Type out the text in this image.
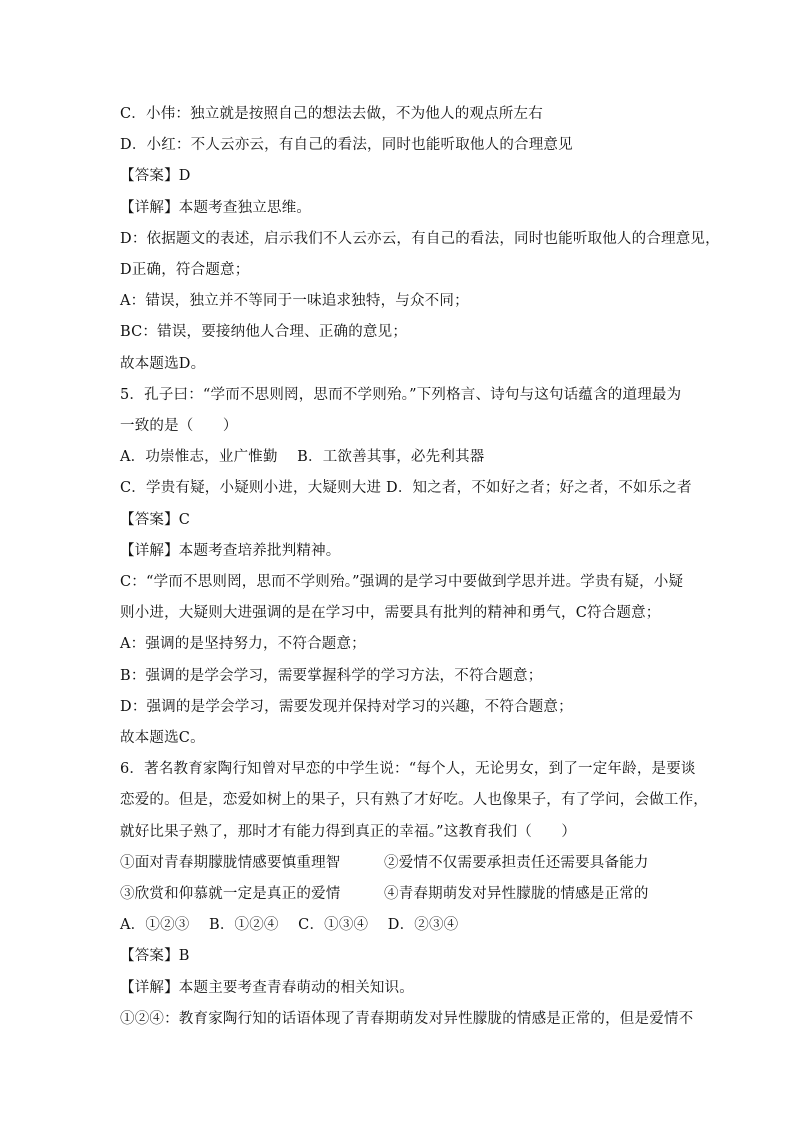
C．小伟：独立就是按照自己的想法去做，不为他人的观点所左右
D．小红：不人云亦云，有自己的看法，同时也能听取他人的合理意见
【答案】D
【详解】本题考查独立思维。
D：依据题文的表述，启示我们不人云亦云，有自己的看法，同时也能听取他人的合理意见，
D正确，符合题意；
A：错误，独立并不等同于一味追求独特，与众不同；
BC：错误，要接纳他人合理、正确的意见；
故本题选D。
5．孔子曰：“学而不思则罔，思而不学则殆。”下列格言、诗句与这句话蕴含的道理最为
一致的是（　　）
A．功崇惟志，业广惟勤　 B．工欲善其事，必先利其器
C．学贵有疑，小疑则小进，大疑则大进 D．知之者，不如好之者；好之者，不如乐之者
【答案】C
【详解】本题考查培养批判精神。
C：“学而不思则罔，思而不学则殆。”强调的是学习中要做到学思并进。学贵有疑，小疑
则小进，大疑则大进强调的是在学习中，需要具有批判的精神和勇气，C符合题意；
A：强调的是坚持努力，不符合题意；
B：强调的是学会学习，需要掌握科学的学习方法，不符合题意；
D：强调的是学会学习，需要发现并保持对学习的兴趣，不符合题意；
故本题选C。
6．著名教育家陶行知曾对早恋的中学生说：“每个人，无论男女，到了一定年龄，是要谈
恋爱的。但是，恋爱如树上的果子，只有熟了才好吃。人也像果子，有了学问，会做工作，
就好比果子熟了，那时才有能力得到真正的幸福。”这教育我们（　　）
①面对青春期朦胧情感要慎重理智	②爱情不仅需要承担责任还需要具备能力
③欣赏和仰慕就一定是真正的爱情	④青春期萌发对异性朦胧的情感是正常的
A．①②③　 B．①②④　 C．①③④　 D．②③④
【答案】B
【详解】本题主要考查青春萌动的相关知识。
①②④：教育家陶行知的话语体现了青春期萌发对异性朦胧的情感是正常的，但是爱情不
